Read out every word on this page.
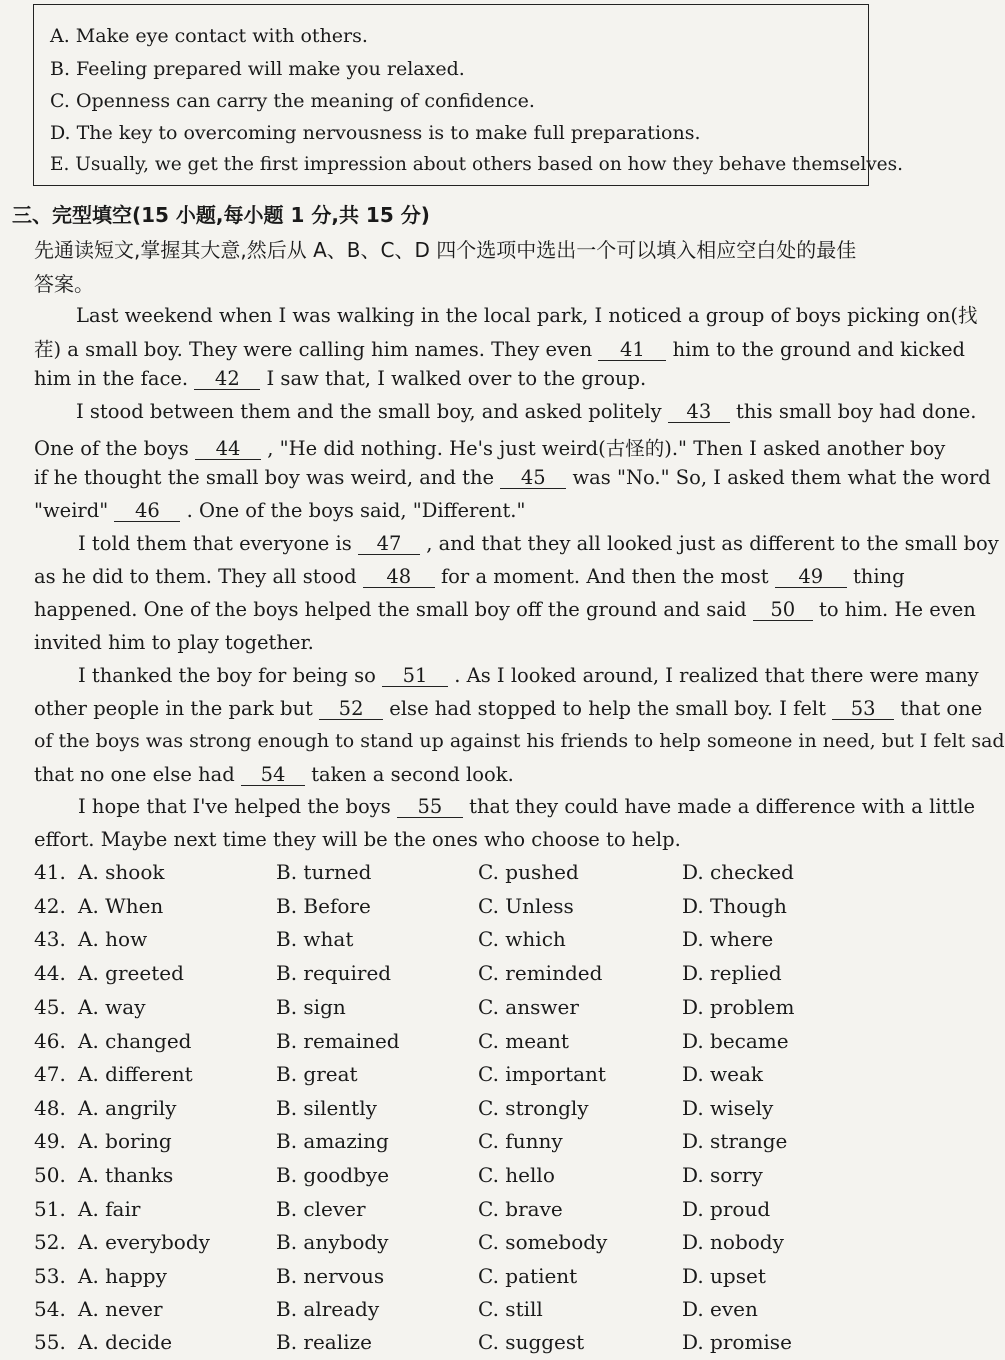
A. Make eye contact with others.
B. Feeling prepared will make you relaxed.
C. Openness can carry the meaning of confidence.
D. The key to overcoming nervousness is to make full preparations.
E. Usually, we get the first impression about others based on how they behave themselves.
三、完型填空(15 小题,每小题 1 分,共 15 分)
先通读短文,掌握其大意,然后从 A、B、C、D 四个选项中选出一个可以填入相应空白处的最佳
答案。
Last weekend when I was walking in the local park, I noticed a group of boys picking on(找
茬) a small boy. They were calling him names. They even 41 him to the ground and kicked
him in the face. 42 I saw that, I walked over to the group.
I stood between them and the small boy, and asked politely 43 this small boy had done.
One of the boys 44 , "He did nothing. He's just weird(古怪的)." Then I asked another boy
if he thought the small boy was weird, and the 45 was "No." So, I asked them what the word
"weird" 46 . One of the boys said, "Different."
I told them that everyone is 47 , and that they all looked just as different to the small boy
as he did to them. They all stood 48 for a moment. And then the most 49 thing
happened. One of the boys helped the small boy off the ground and said 50 to him. He even
invited him to play together.
I thanked the boy for being so 51 . As I looked around, I realized that there were many
other people in the park but 52 else had stopped to help the small boy. I felt 53 that one
of the boys was strong enough to stand up against his friends to help someone in need, but I felt sad
that no one else had 54 taken a second look.
I hope that I've helped the boys 55 that they could have made a difference with a little
effort. Maybe next time they will be the ones who choose to help.
41. A. shook	B. turned	C. pushed	D. checked
42. A. When	B. Before	C. Unless	D. Though
43. A. how	B. what	C. which	D. where
44. A. greeted	B. required	C. reminded	D. replied
45. A. way	B. sign	C. answer	D. problem
46. A. changed	B. remained	C. meant	D. became
47. A. different	B. great	C. important	D. weak
48. A. angrily	B. silently	C. strongly	D. wisely
49. A. boring	B. amazing	C. funny	D. strange
50. A. thanks	B. goodbye	C. hello	D. sorry
51. A. fair	B. clever	C. brave	D. proud
52. A. everybody	B. anybody	C. somebody	D. nobody
53. A. happy	B. nervous	C. patient	D. upset
54. A. never	B. already	C. still	D. even
55. A. decide	B. realize	C. suggest	D. promise
